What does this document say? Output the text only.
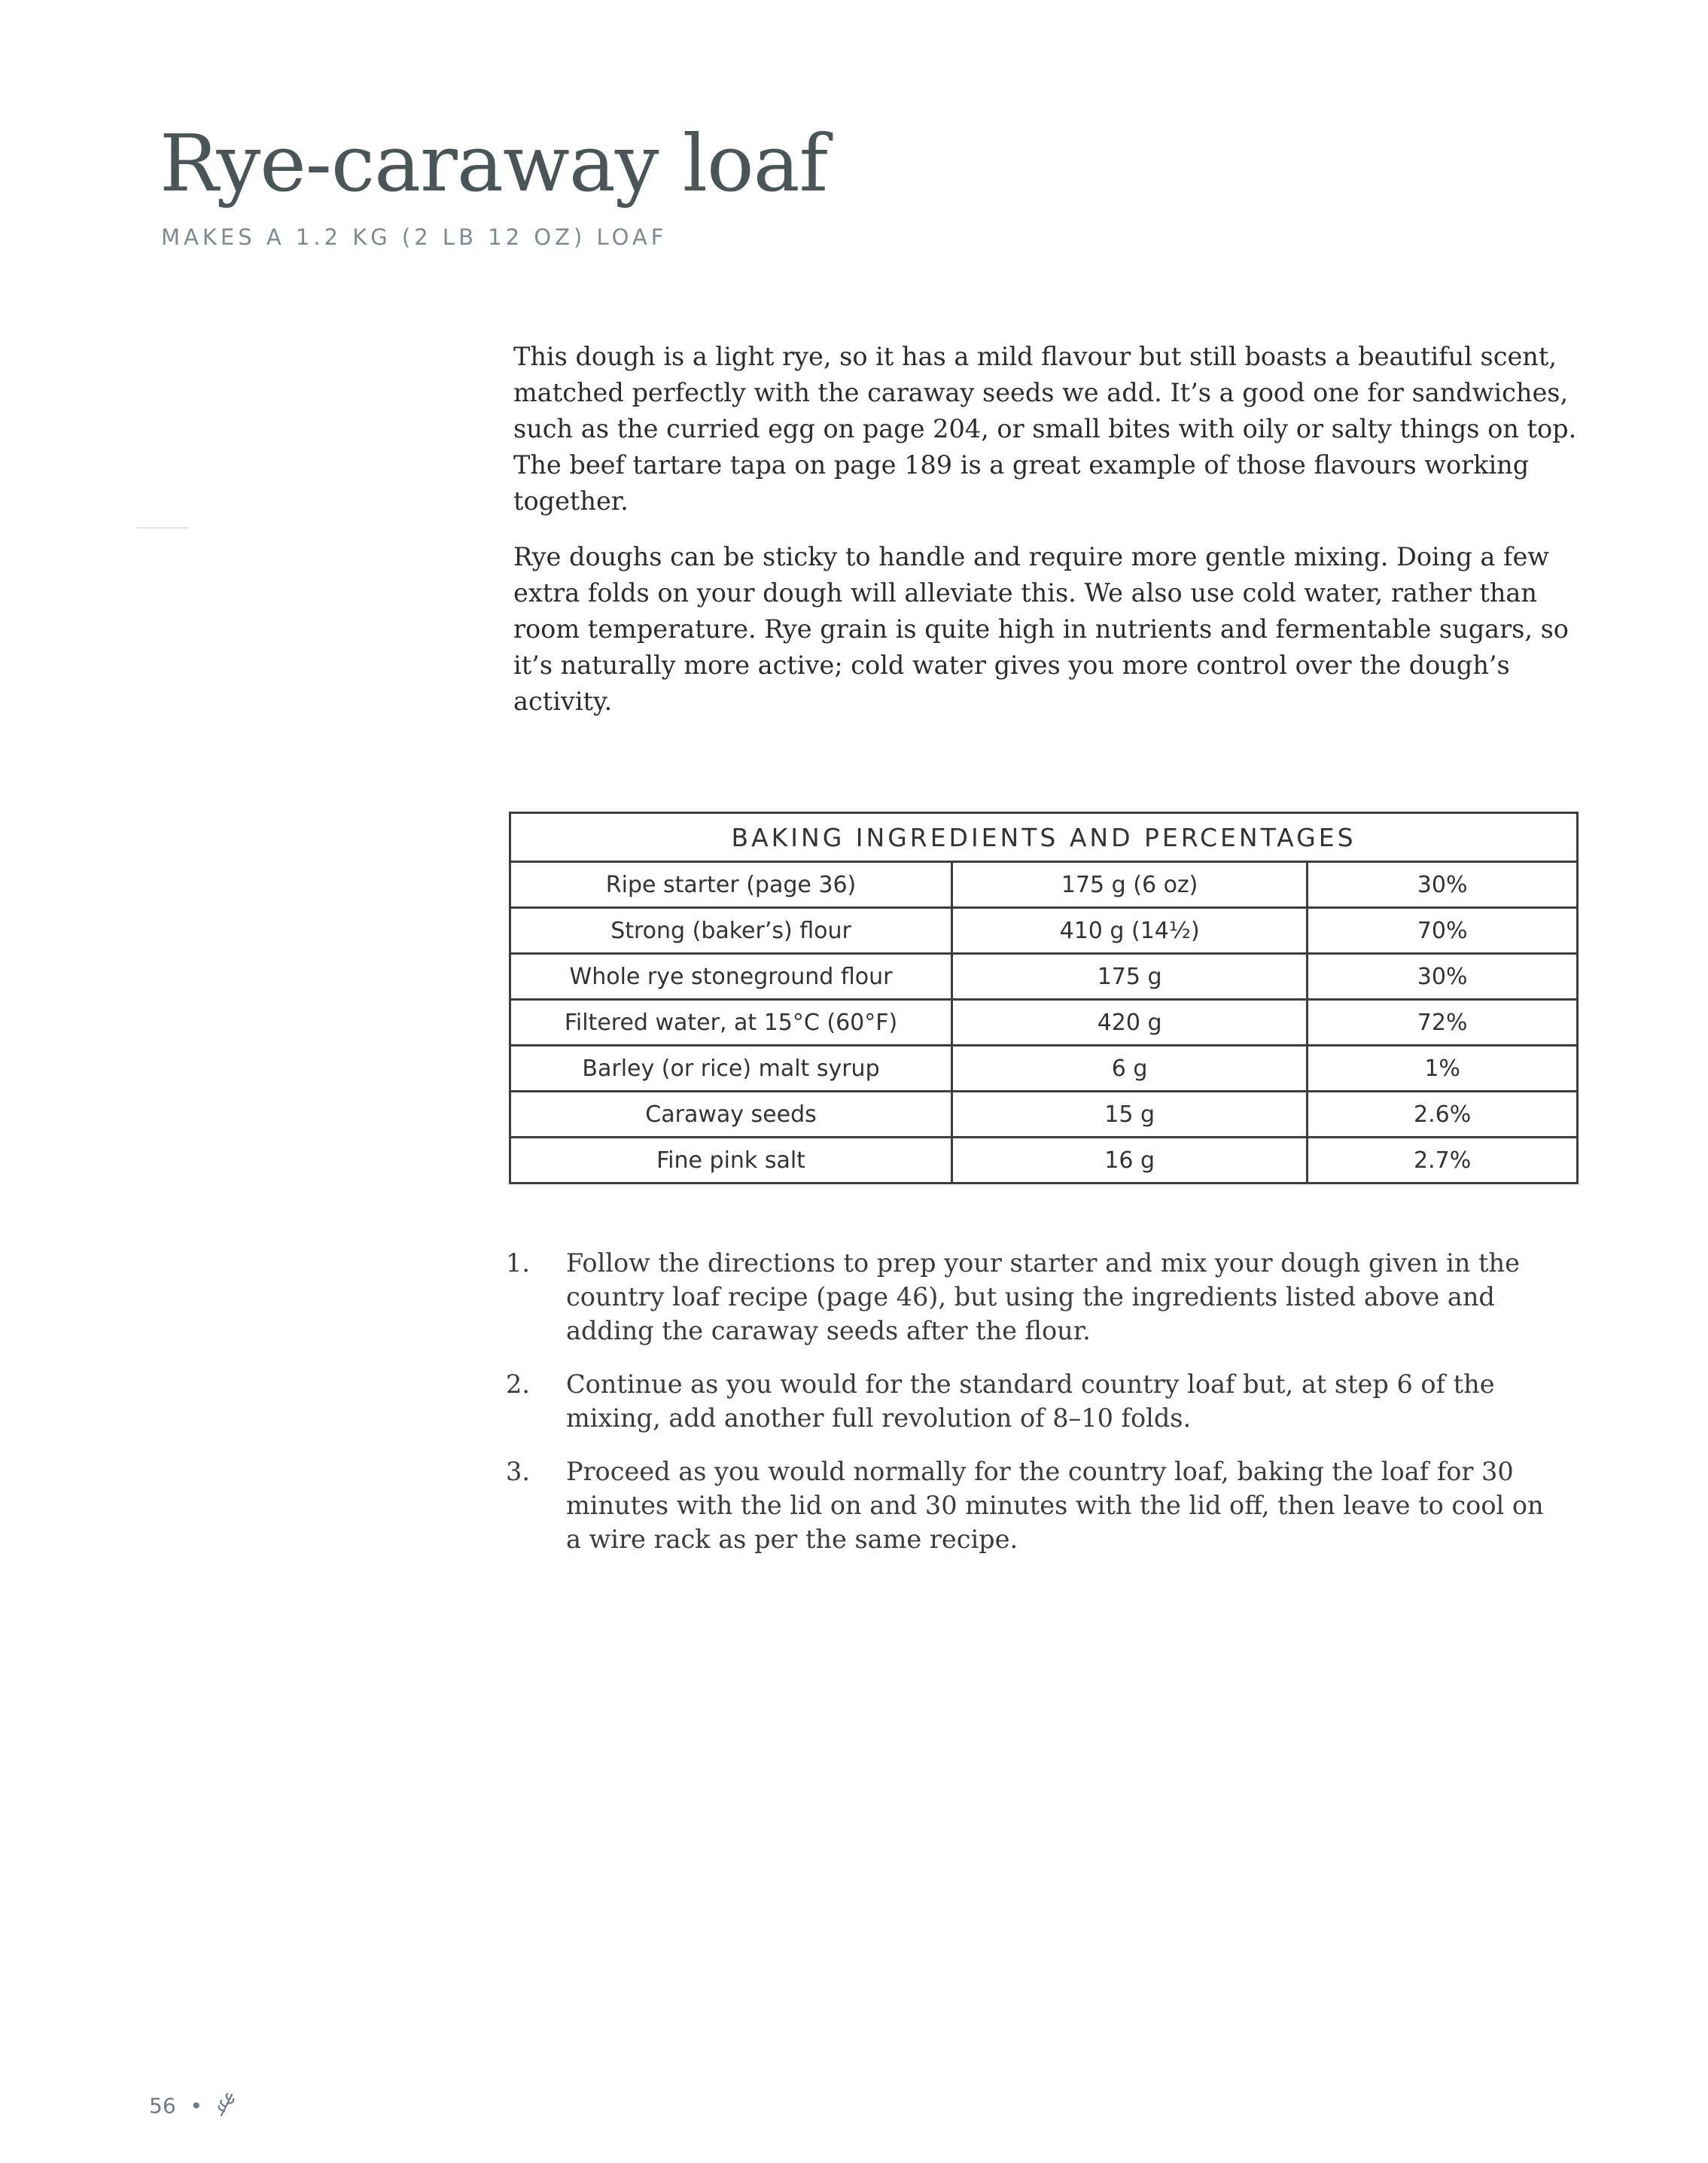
Rye-caraway loaf
MAKES A 1.2 KG (2 LB 12 OZ) LOAF

This dough is a light rye, so it has a mild flavour but still boasts a beautiful scent, matched perfectly with the caraway seeds we add. It’s a good one for sandwiches, such as the curried egg on page 204, or small bites with oily or salty things on top. The beef tartare tapa on page 189 is a great example of those flavours working together.

Rye doughs can be sticky to handle and require more gentle mixing. Doing a few extra folds on your dough will alleviate this. We also use cold water, rather than room temperature. Rye grain is quite high in nutrients and fermentable sugars, so it’s naturally more active; cold water gives you more control over the dough’s activity.

BAKING INGREDIENTS AND PERCENTAGES		
Ripe starter (page 36)	175 g (6 oz)	30%
Strong (baker’s) flour	410 g (14½)	70%
Whole rye stoneground flour	175 g	30%
Filtered water, at 15°C (60°F)	420 g	72%
Barley (or rice) malt syrup	6 g	1%
Caraway seeds	15 g	2.6%
Fine pink salt	16 g	2.7%
1.	Follow the directions to prep your starter and mix your dough given in the country loaf recipe (page 46), but using the ingredients listed above and adding the caraway seeds after the flour.
2.	Continue as you would for the standard country loaf but, at step 6 of the mixing, add another full revolution of 8–10 folds.
3.	Proceed as you would normally for the country loaf, baking the loaf for 30 minutes with the lid on and 30 minutes with the lid off, then leave to cool on a wire rack as per the same recipe.
56 •
